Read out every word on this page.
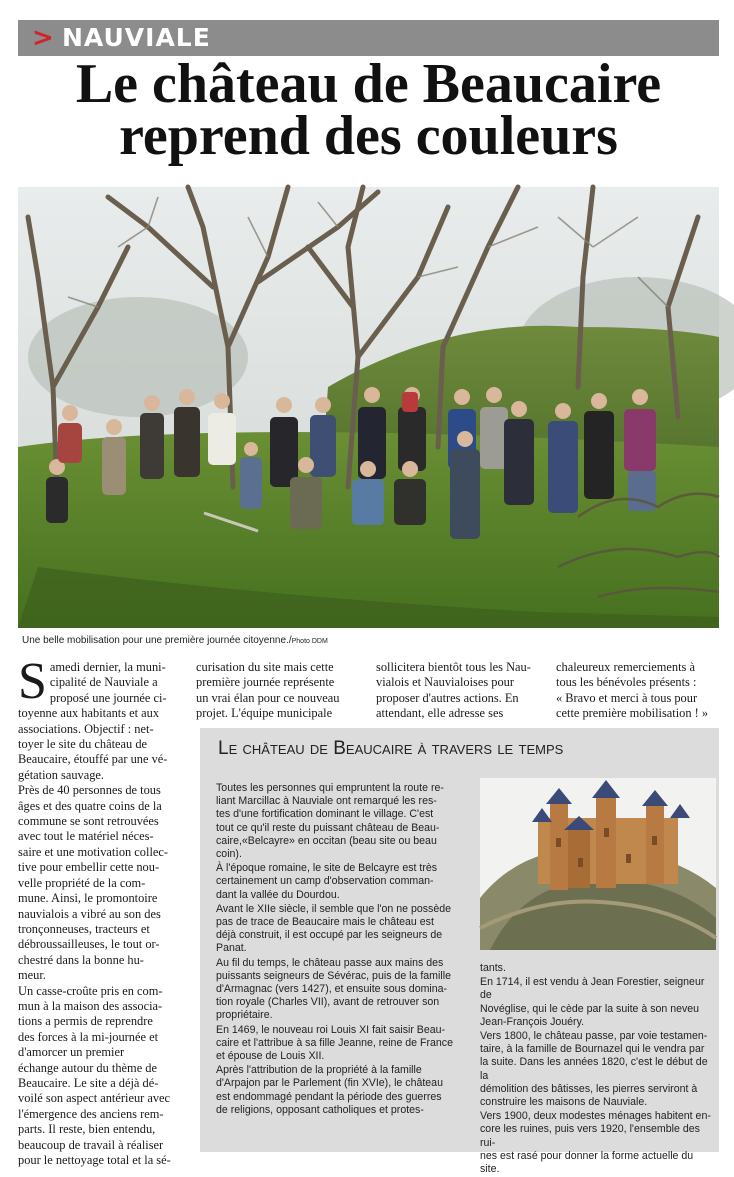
> NAUVIALE
Le château de Beaucaire
reprend des couleurs
Une belle mobilisation pour une première journée citoyenne./Photo DDM
S amedi dernier, la muni-
cipalité de Nauviale a
proposé une journée ci-
toyenne aux habitants et aux
associations. Objectif : net-
toyer le site du château de
Beaucaire, étouffé par une vé-
gétation sauvage.
Près de 40 personnes de tous
âges et des quatre coins de la
commune se sont retrouvées
avec tout le matériel néces-
saire et une motivation collec-
tive pour embellir cette nou-
velle propriété de la com-
mune. Ainsi, le promontoire
nauvialois a vibré au son des
tronçonneuses, tracteurs et
débroussailleuses, le tout or-
chestré dans la bonne hu-
meur.
Un casse-croûte pris en com-
mun à la maison des associa-
tions a permis de reprendre
des forces à la mi-journée et
d'amorcer un premier
échange autour du thème de
Beaucaire. Le site a déjà dé-
voilé son aspect antérieur avec
l'émergence des anciens rem-
parts. Il reste, bien entendu,
beaucoup de travail à réaliser
pour le nettoyage total et la sé-
curisation du site mais cette
première journée représente
un vrai élan pour ce nouveau
projet. L'équipe municipale
sollicitera bientôt tous les Nau-
vialois et Nauvialoises pour
proposer d'autres actions. En
attendant, elle adresse ses
chaleureux remerciements à
tous les bénévoles présents :
« Bravo et merci à tous pour
cette première mobilisation ! »
Le château de Beaucaire à travers le temps

Toutes les personnes qui empruntent la route re-
liant Marcillac à Nauviale ont remarqué les res-
tes d'une fortification dominant le village. C'est
tout ce qu'il reste du puissant château de Beau-
caire,«Belcayre» en occitan (beau site ou beau
coin).

À l'époque romaine, le site de Belcayre est très
certainement un camp d'observation comman-
dant la vallée du Dourdou.

Avant le XIIe siècle, il semble que l'on ne possède
pas de trace de Beaucaire mais le château est
déjà construit, il est occupé par les seigneurs de
Panat.

Au fil du temps, le château passe aux mains des
puissants seigneurs de Sévérac, puis de la famille
d'Armagnac (vers 1427), et ensuite sous domina-
tion royale (Charles VII), avant de retrouver son
propriétaire.

En 1469, le nouveau roi Louis XI fait saisir Beau-
caire et l'attribue à sa fille Jeanne, reine de France
et épouse de Louis XII.

Après l'attribution de la propriété à la famille
d'Arpajon par le Parlement (fin XVIe), le château
est endommagé pendant la période des guerres
de religions, opposant catholiques et protes-

tants.

En 1714, il est vendu à Jean Forestier, seigneur de
Novéglise, qui le cède par la suite à son neveu
Jean-François Jouéry.

Vers 1800, le château passe, par voie testamen-
taire, à la famille de Bournazel qui le vendra par
la suite. Dans les années 1820, c'est le début de la
démolition des bâtisses, les pierres serviront à
construire les maisons de Nauviale.

Vers 1900, deux modestes ménages habitent en-
core les ruines, puis vers 1920, l'ensemble des rui-
nes est rasé pour donner la forme actuelle du
site.
